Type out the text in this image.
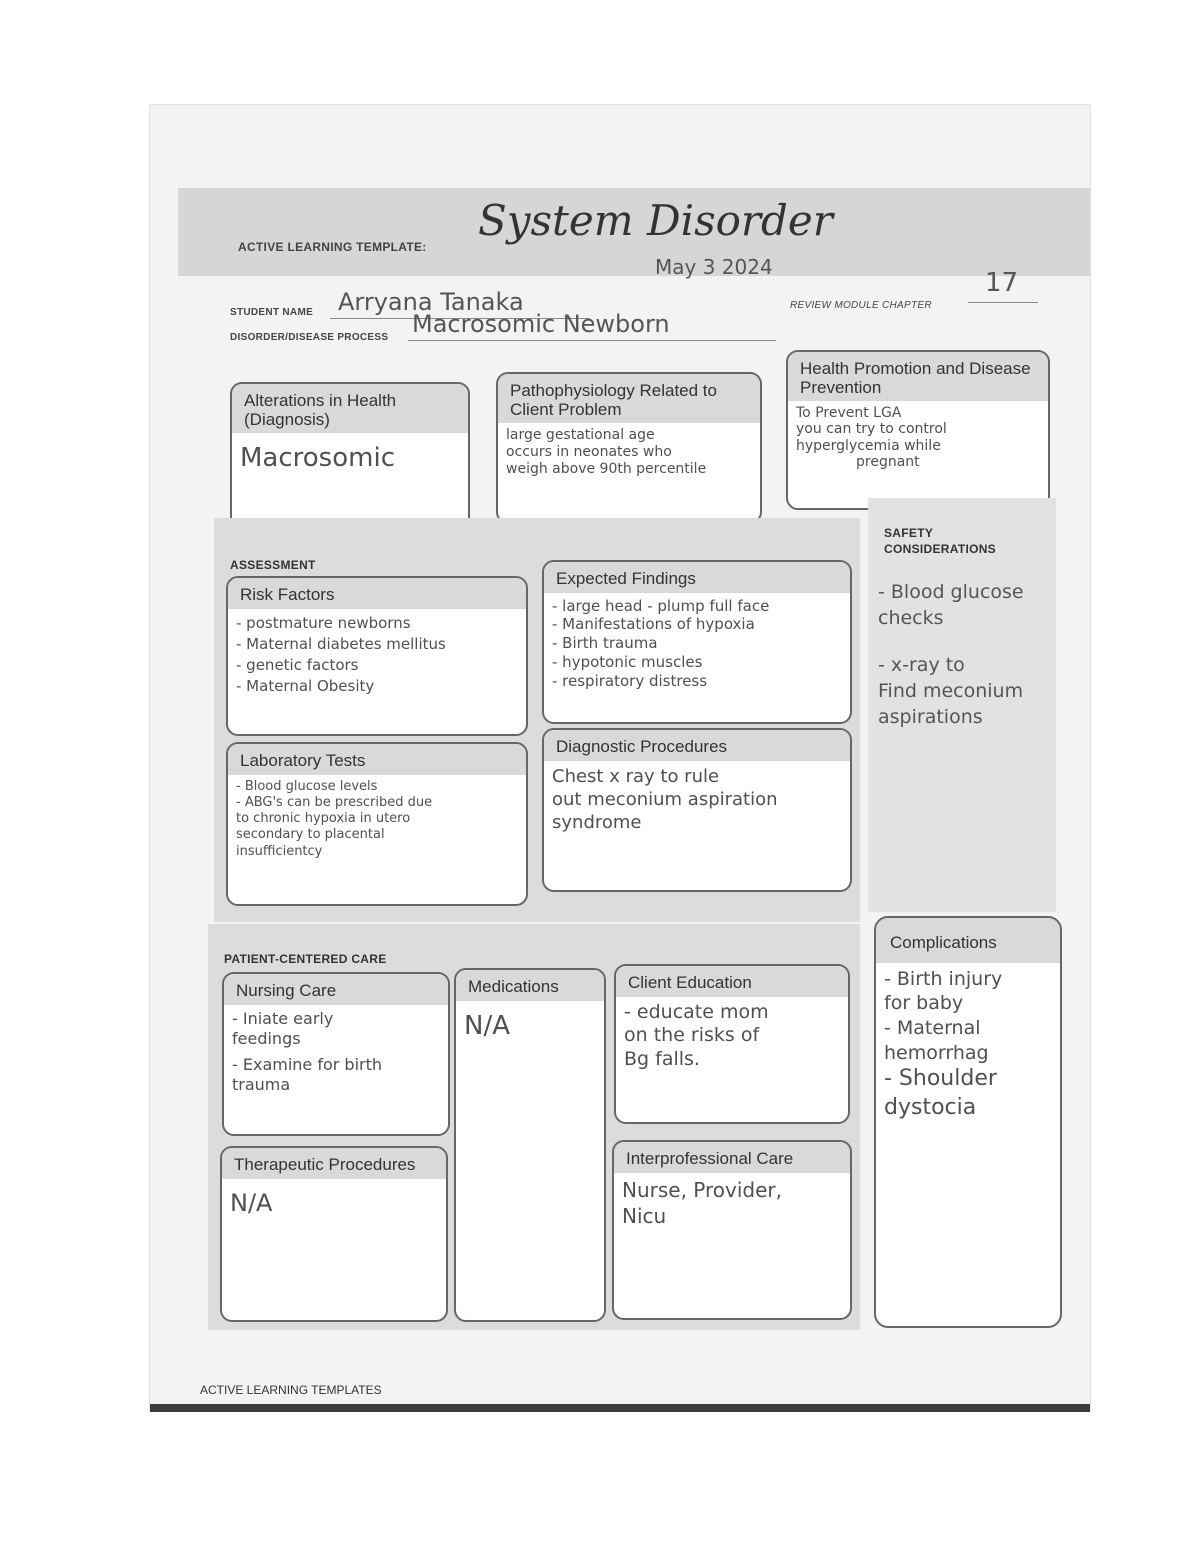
ACTIVE LEARNING TEMPLATE:
System Disorder
May 3 2024
STUDENT NAME Arryana Tanaka
DISORDER/DISEASE PROCESS Macrosomic Newborn
REVIEW MODULE CHAPTER
17
Alterations in Health (Diagnosis)
Macrosomic
Pathophysiology Related to Client Problem
large gestational age
occurs in neonates who
weigh above 90th percentile
Health Promotion and Disease Prevention
To Prevent LGA
you can try to control
hyperglycemia while
pregnant
ASSESSMENT
Risk Factors
- postmature newborns
- Maternal diabetes mellitus
- genetic factors
- Maternal Obesity
Expected Findings
- large head - plump full face
- Manifestations of hypoxia
- Birth trauma
- hypotonic muscles
- respiratory distress
Laboratory Tests
- Blood glucose levels
- ABG's can be prescribed due
to chronic hypoxia in utero
secondary to placental
insufficientcy
Diagnostic Procedures
Chest x ray to rule
out meconium aspiration
syndrome
SAFETY CONSIDERATIONS
- Blood glucose
checks
- x-ray to
Find meconium
aspirations
PATIENT-CENTERED CARE
Nursing Care
- Iniate early
feedings
- Examine for birth
trauma
Medications
N/A
Client Education
- educate mom
on the risks of
Bg falls.
Therapeutic Procedures
N/A
Interprofessional Care
Nurse, Provider,
Nicu
Complications
- Birth injury
for baby
- Maternal
hemorrhag
- Shoulder
dystocia
ACTIVE LEARNING TEMPLATES
